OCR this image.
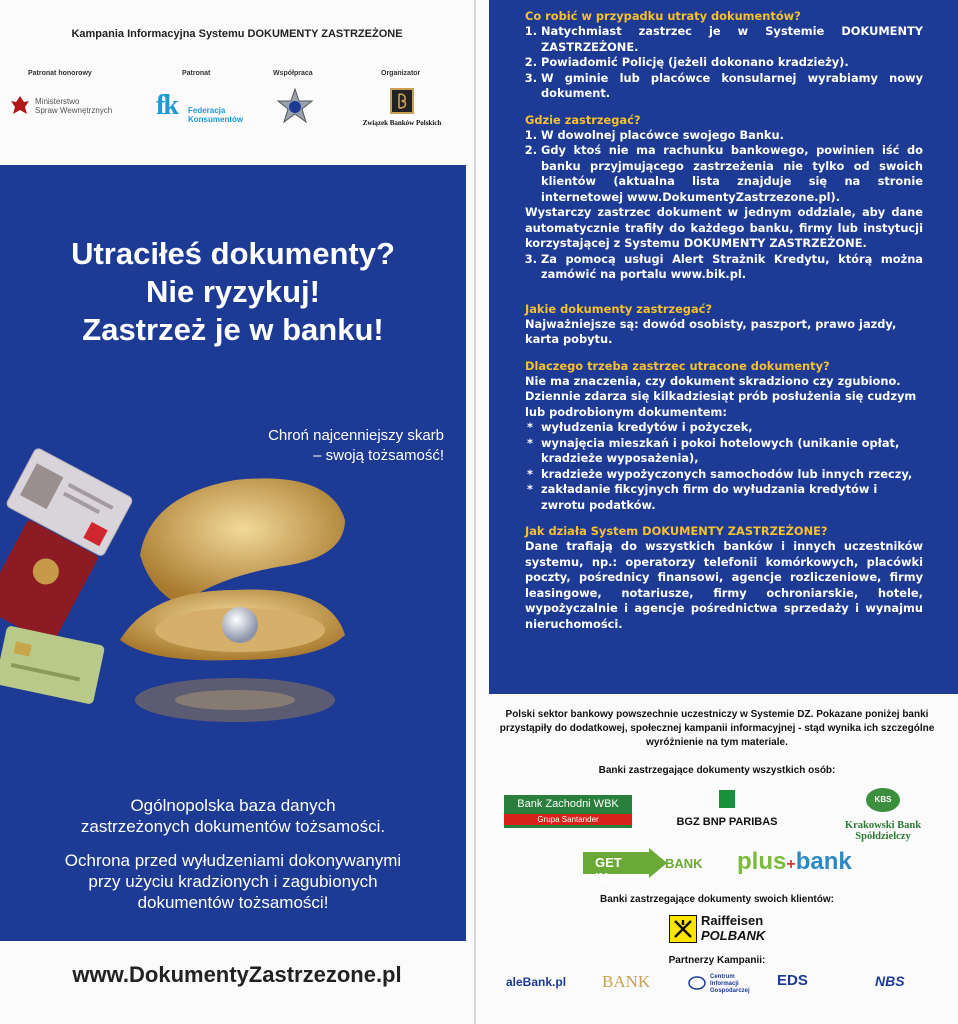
Kampania Informacyjna Systemu DOKUMENTY ZASTRZEŻONE
Patronat honorowy	Patronat	Współpraca	Organizator
Ministerstwo
Spraw Wewnętrznych fk Federacja
Konsumentów	Związek Banków Polskich
Utraciłeś dokumenty?
Nie ryzykuj!
Zastrzeż je w banku!
Chroń najcenniejszy skarb
– swoją tożsamość!
Ogólnopolska baza danych
zastrzeżonych dokumentów tożsamości.
Ochrona przed wyłudzeniami dokonywanymi
przy użyciu kradzionych i zagubionych
dokumentów tożsamości!
www.DokumentyZastrzezone.pl
Co robić w przypadku utraty dokumentów?
1. Natychmiast zastrzec je w Systemie DOKUMENTY ZASTRZEŻONE.
2. Powiadomić Policję (jeżeli dokonano kradzieży).
3. W gminie lub placówce konsularnej wyrabiamy nowy dokument.
Gdzie zastrzegać?
1. W dowolnej placówce swojego Banku.
2. Gdy ktoś nie ma rachunku bankowego, powinien iść do banku przyjmującego zastrzeżenia nie tylko od swoich klientów (aktualna lista znajduje się na stronie internetowej www.DokumentyZastrzezone.pl).

Wystarczy zastrzec dokument w jednym oddziale, aby dane automatycznie trafiły do każdego banku, firmy lub instytucji korzystającej z Systemu DOKUMENTY ZASTRZEŻONE.

3. Za pomocą usługi Alert Strażnik Kredytu, którą można zamówić na portalu www.bik.pl.
Jakie dokumenty zastrzegać?

Najważniejsze są: dowód osobisty, paszport, prawo jazdy, karta pobytu.

Dlaczego trzeba zastrzec utracone dokumenty?

Nie ma znaczenia, czy dokument skradziono czy zgubiono. Dziennie zdarza się kilkadziesiąt prób posłużenia się cudzym lub podrobionym dokumentem:

* wyłudzenia kredytów i pożyczek,
* wynajęcia mieszkań i pokoi hotelowych (unikanie opłat, kradzieże wyposażenia),
* kradzieże wypożyczonych samochodów lub innych rzeczy,
* zakładanie fikcyjnych firm do wyłudzania kredytów i zwrotu podatków.
Jak działa System DOKUMENTY ZASTRZEŻONE?

Dane trafiają do wszystkich banków i innych uczestników systemu, np.: operatorzy telefonii komórkowych, placówki poczty, pośrednicy finansowi, agencje rozliczeniowe, firmy leasingowe, notariusze, firmy ochroniarskie, hotele, wypożyczalnie i agencje pośrednictwa sprzedaży i wynajmu nieruchomości.

Polski sektor bankowy powszechnie uczestniczy w Systemie DZ. Pokazane poniżej banki przystąpiły do dodatkowej, społecznej kampanii informacyjnej - stąd wynika ich szczególne wyróżnienie na tym materiale.
Banki zastrzegające dokumenty wszystkich osób:
Bank Zachodni WBK
Grupa Santander	BGZ BNP PARIBAS
KBS
Krakowski Bank Spółdzielczy
GET IN
BANK plus+bank
Banki zastrzegające dokumenty swoich klientów:
Raiffeisen
POLBANK
Partnerzy Kampanii:
aleBank.pl BANK	Centrum Informacji Gospodarczej
EDS	NBS
